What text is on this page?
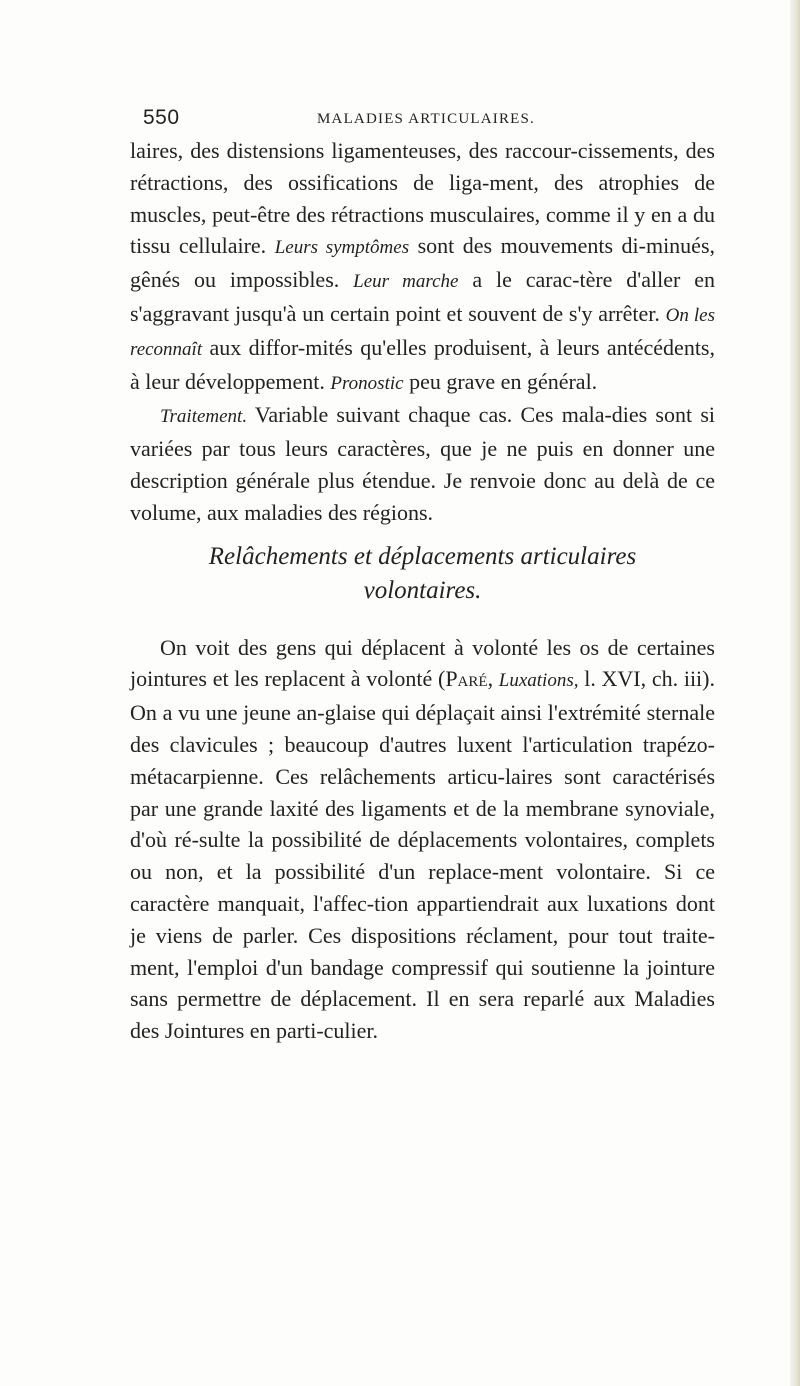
550	MALADIES ARTICULAIRES.

laires, des distensions ligamenteuses, des raccour-cissements, des rétractions, des ossifications de liga-ment, des atrophies de muscles, peut-être des rétractions musculaires, comme il y en a du tissu cellulaire. Leurs symptômes sont des mouvements di-minués, gênés ou impossibles. Leur marche a le carac-tère d'aller en s'aggravant jusqu'à un certain point et souvent de s'y arrêter. On les reconnaît aux diffor-mités qu'elles produisent, à leurs antécédents, à leur développement. Pronostic peu grave en général.

Traitement. Variable suivant chaque cas. Ces mala-dies sont si variées par tous leurs caractères, que je ne puis en donner une description générale plus étendue. Je renvoie donc au delà de ce volume, aux maladies des régions.

Relâchements et déplacements articulaires
volontaires.

On voit des gens qui déplacent à volonté les os de certaines jointures et les replacent à volonté (Paré, Luxations, l. XVI, ch. iii). On a vu une jeune an-glaise qui déplaçait ainsi l'extrémité sternale des clavicules ; beaucoup d'autres luxent l'articulation trapézo-métacarpienne. Ces relâchements articu-laires sont caractérisés par une grande laxité des ligaments et de la membrane synoviale, d'où ré-sulte la possibilité de déplacements volontaires, complets ou non, et la possibilité d'un replace-ment volontaire. Si ce caractère manquait, l'affec-tion appartiendrait aux luxations dont je viens de parler. Ces dispositions réclament, pour tout traite-ment, l'emploi d'un bandage compressif qui soutienne la jointure sans permettre de déplacement. Il en sera reparlé aux Maladies des Jointures en parti-culier.
